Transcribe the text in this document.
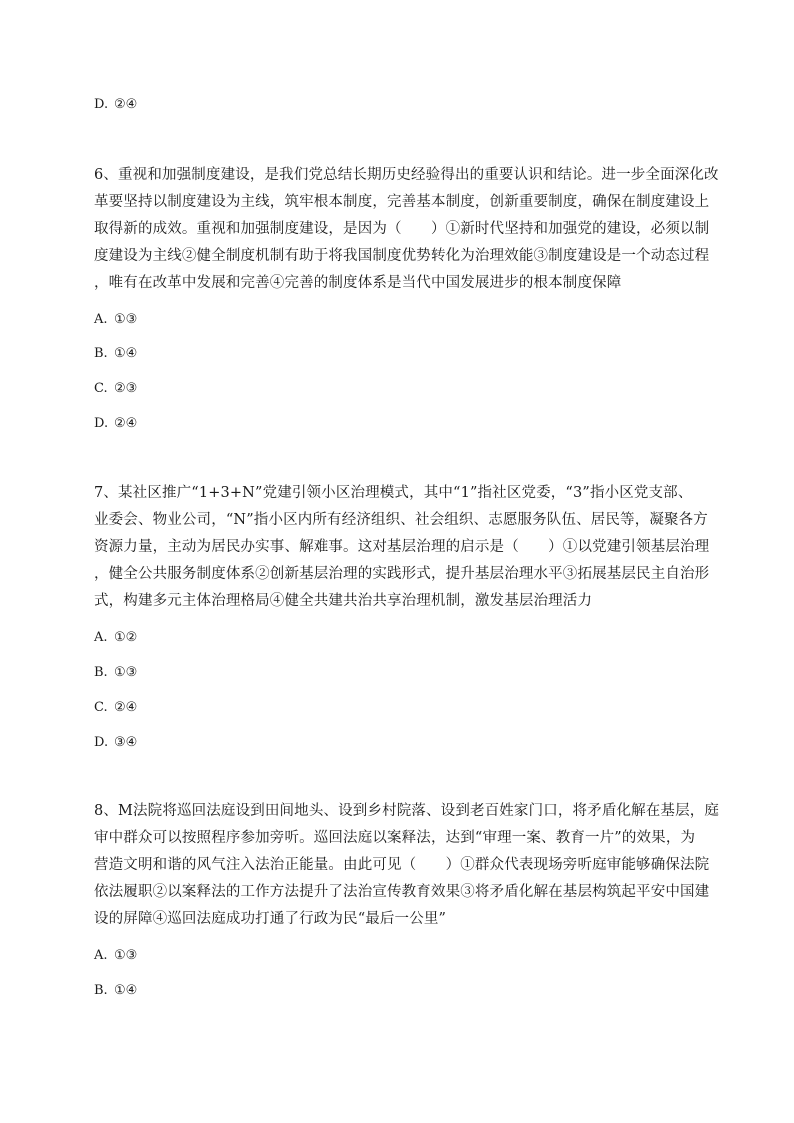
D. ②④
6、重视和加强制度建设，是我们党总结长期历史经验得出的重要认识和结论。进一步全面深化改
革要坚持以制度建设为主线，筑牢根本制度，完善基本制度，创新重要制度，确保在制度建设上
取得新的成效。重视和加强制度建设，是因为（　　）①新时代坚持和加强党的建设，必须以制
度建设为主线②健全制度机制有助于将我国制度优势转化为治理效能③制度建设是一个动态过程
，唯有在改革中发展和完善④完善的制度体系是当代中国发展进步的根本制度保障
A. ①③
B. ①④
C. ②③
D. ②④
7、某社区推广“1+3+N”党建引领小区治理模式，其中“1”指社区党委，“3”指小区党支部、
业委会、物业公司，“N”指小区内所有经济组织、社会组织、志愿服务队伍、居民等，凝聚各方
资源力量，主动为居民办实事、解难事。这对基层治理的启示是（　　）①以党建引领基层治理
，健全公共服务制度体系②创新基层治理的实践形式，提升基层治理水平③拓展基层民主自治形
式，构建多元主体治理格局④健全共建共治共享治理机制，激发基层治理活力
A. ①②
B. ①③
C. ②④
D. ③④
8、M法院将巡回法庭设到田间地头、设到乡村院落、设到老百姓家门口，将矛盾化解在基层，庭
审中群众可以按照程序参加旁听。巡回法庭以案释法，达到“审理一案、教育一片”的效果，为
营造文明和谐的风气注入法治正能量。由此可见（　　）①群众代表现场旁听庭审能够确保法院
依法履职②以案释法的工作方法提升了法治宣传教育效果③将矛盾化解在基层构筑起平安中国建
设的屏障④巡回法庭成功打通了行政为民“最后一公里”
A. ①③
B. ①④
